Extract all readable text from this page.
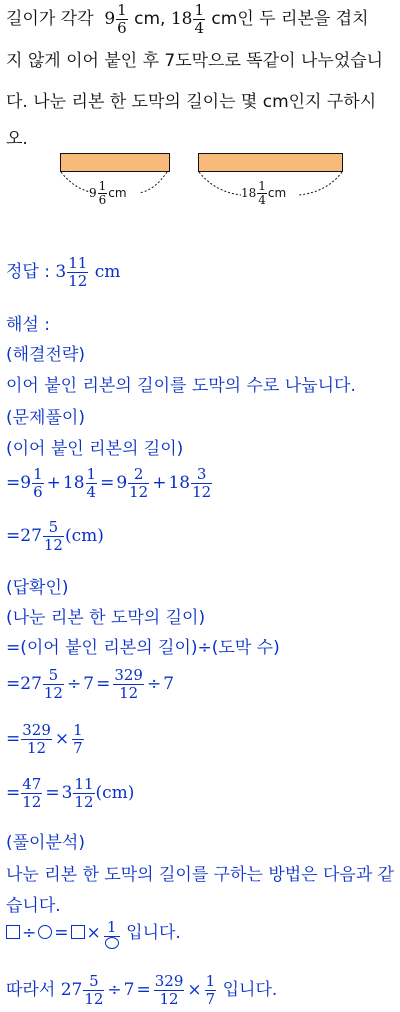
길이가 각각 $9 \frac{1}{6}$ cm, $18 \frac{1}{4}$ cm인 두 리본을 겹치
지 않게 이어 붙인 후 7도막으로 똑같이 나누었습니
다. 나눈 리본 한 도막의 길이는 몇 cm인지 구하시
오.
$9 \frac{1}{6}$ cm	$18 \frac{1}{4}$ cm
정답 : $3 \frac{11}{12}$ cm
해설 :
(해결전략)
이어 붙인 리본의 길이를 도막의 수로 나눕니다.
(문제풀이)
(이어 붙인 리본의 길이)
$=9 \frac{1}{6} + 18 \frac{1}{4} = 9 \frac{2}{12} + 18 \frac{3}{12}$
$=27 \frac{5}{12} (cm)$
(답확인)
(나눈 리본 한 도막의 길이)
=(이어 붙인 리본의 길이)÷(도막 수)
$=27 \frac{5}{12} \div 7 = \frac{329}{12} \div 7$
= $\frac{329}{12} \times \frac{1}{7}$
= $\frac{47}{12} = 3 \frac{11}{12} (cm)$
(풀이분석)
나눈 리본 한 도막의 길이를 구하는 방법은 다음과 같
습니다.
÷ = × 1 입니다.
따라서 $27 \frac{5}{12} \div 7 = \frac{329}{12} \times \frac{1}{7}$ 입니다.
